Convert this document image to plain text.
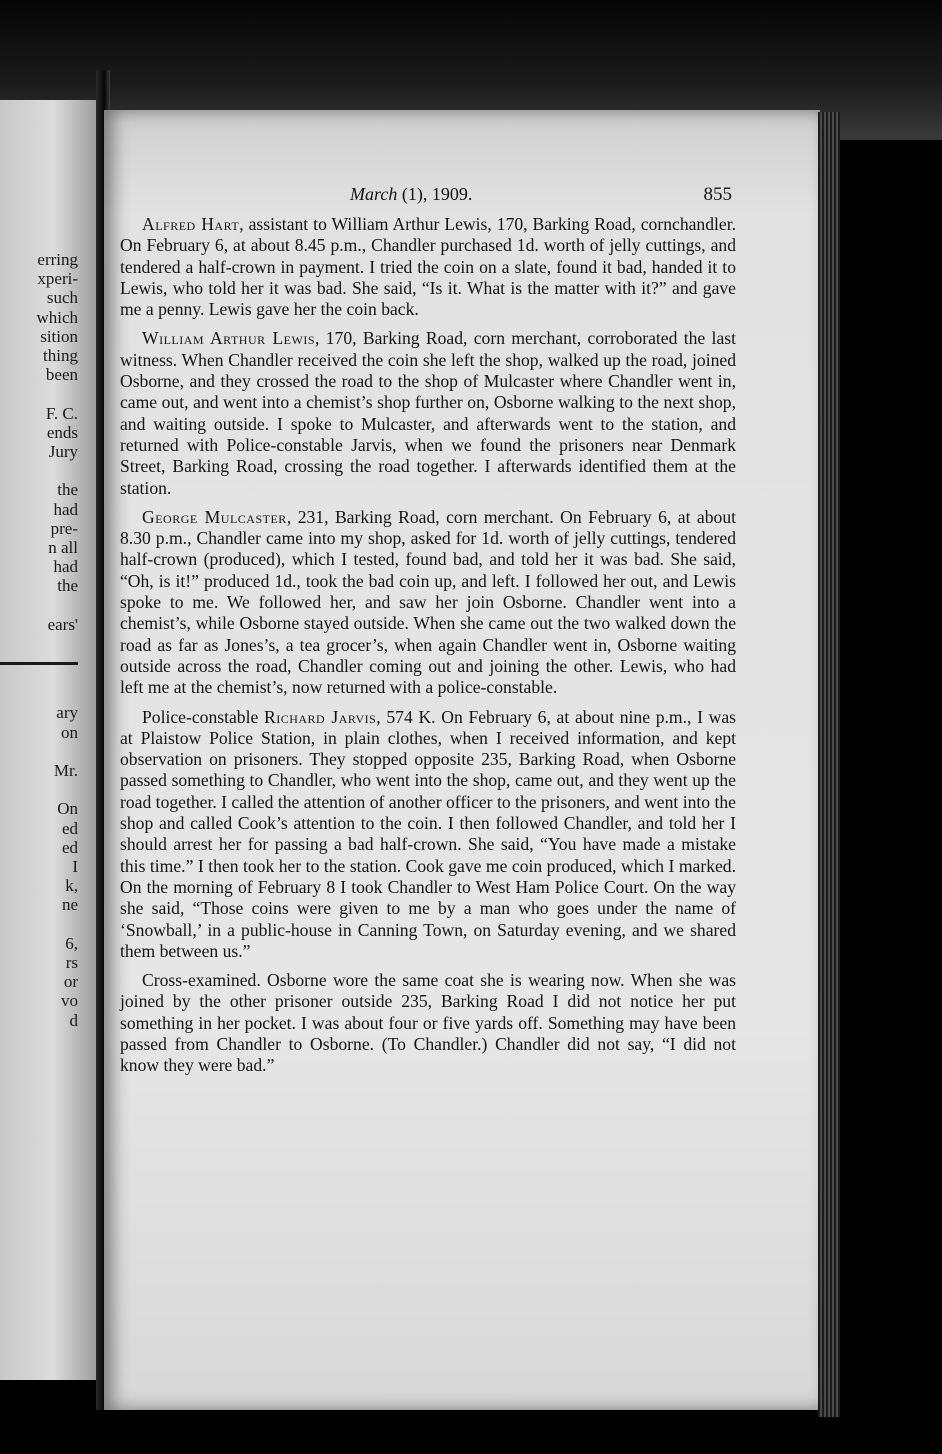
erring
xperi-
such
which
sition
thing
been
F. C.
ends
Jury
the
had
pre-
n all
had
the
ears'
ary
on
Mr.
On
ed
ed
I
k,
ne
6,
rs
or
vo
d
March (1), 1909.	855

Alfred Hart, assistant to William Arthur Lewis, 170, Barking Road, cornchandler. On February 6, at about 8.45 p.m., Chandler purchased 1d. worth of jelly cuttings, and tendered a half-crown in payment. I tried the coin on a slate, found it bad, handed it to Lewis, who told her it was bad. She said, “Is it. What is the matter with it?” and gave me a penny. Lewis gave her the coin back.

William Arthur Lewis, 170, Barking Road, corn merchant, corroborated the last witness. When Chandler received the coin she left the shop, walked up the road, joined Osborne, and they crossed the road to the shop of Mulcaster where Chandler went in, came out, and went into a chemist’s shop further on, Osborne walking to the next shop, and waiting outside. I spoke to Mulcaster, and afterwards went to the station, and returned with Police-constable Jarvis, when we found the prisoners near Denmark Street, Barking Road, crossing the road together. I afterwards identified them at the station.

George Mulcaster, 231, Barking Road, corn merchant. On February 6, at about 8.30 p.m., Chandler came into my shop, asked for 1d. worth of jelly cuttings, tendered half-crown (produced), which I tested, found bad, and told her it was bad. She said, “Oh, is it!” produced 1d., took the bad coin up, and left. I followed her out, and Lewis spoke to me. We followed her, and saw her join Osborne. Chandler went into a chemist’s, while Osborne stayed outside. When she came out the two walked down the road as far as Jones’s, a tea grocer’s, when again Chandler went in, Osborne waiting outside across the road, Chandler coming out and joining the other. Lewis, who had left me at the chemist’s, now returned with a police-constable.

Police-constable Richard Jarvis, 574 K. On February 6, at about nine p.m., I was at Plaistow Police Station, in plain clothes, when I received information, and kept observation on prisoners. They stopped opposite 235, Barking Road, when Osborne passed something to Chandler, who went into the shop, came out, and they went up the road together. I called the attention of another officer to the prisoners, and went into the shop and called Cook’s attention to the coin. I then followed Chandler, and told her I should arrest her for passing a bad half-crown. She said, “You have made a mistake this time.” I then took her to the station. Cook gave me coin produced, which I marked. On the morning of February 8 I took Chandler to West Ham Police Court. On the way she said, “Those coins were given to me by a man who goes under the name of ‘Snowball,’ in a public-house in Canning Town, on Saturday evening, and we shared them between us.”

Cross-examined. Osborne wore the same coat she is wearing now. When she was joined by the other prisoner outside 235, Barking Road I did not notice her put something in her pocket. I was about four or five yards off. Something may have been passed from Chandler to Osborne. (To Chandler.) Chandler did not say, “I did not know they were bad.”
